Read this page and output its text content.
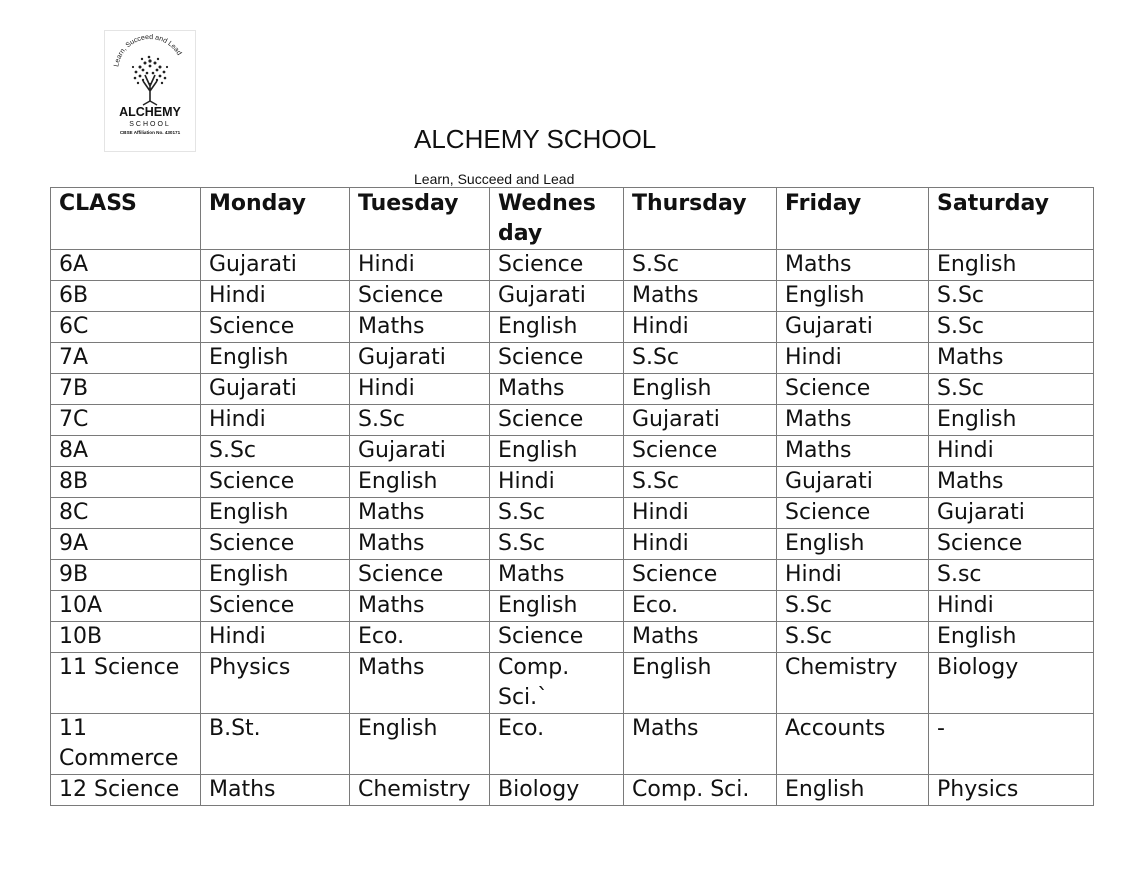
Learn, Succeed and Lead
ALCHEMY
SCHOOL
CBSE Affiliation No. 430171	ALCHEMY SCHOOL
Learn, Succeed and Lead
CLASS	Monday	Tuesday	Wednes day	Thursday	Friday	Saturday
6A	Gujarati	Hindi	Science	S.Sc	Maths	English
6B	Hindi	Science	Gujarati	Maths	English	S.Sc
6C	Science	Maths	English	Hindi	Gujarati	S.Sc
7A	English	Gujarati	Science	S.Sc	Hindi	Maths
7B	Gujarati	Hindi	Maths	English	Science	S.Sc
7C	Hindi	S.Sc	Science	Gujarati	Maths	English
8A	S.Sc	Gujarati	English	Science	Maths	Hindi
8B	Science	English	Hindi	S.Sc	Gujarati	Maths
8C	English	Maths	S.Sc	Hindi	Science	Gujarati
9A	Science	Maths	S.Sc	Hindi	English	Science
9B	English	Science	Maths	Science	Hindi	S.sc
10A	Science	Maths	English	Eco.	S.Sc	Hindi
10B	Hindi	Eco.	Science	Maths	S.Sc	English
11 Science	Physics	Maths	Comp. Sci.`	English	Chemistry	Biology
11 Commerce	B.St.	English	Eco.	Maths	Accounts	-
12 Science	Maths	Chemistry	Biology	Comp. Sci.	English	Physics
